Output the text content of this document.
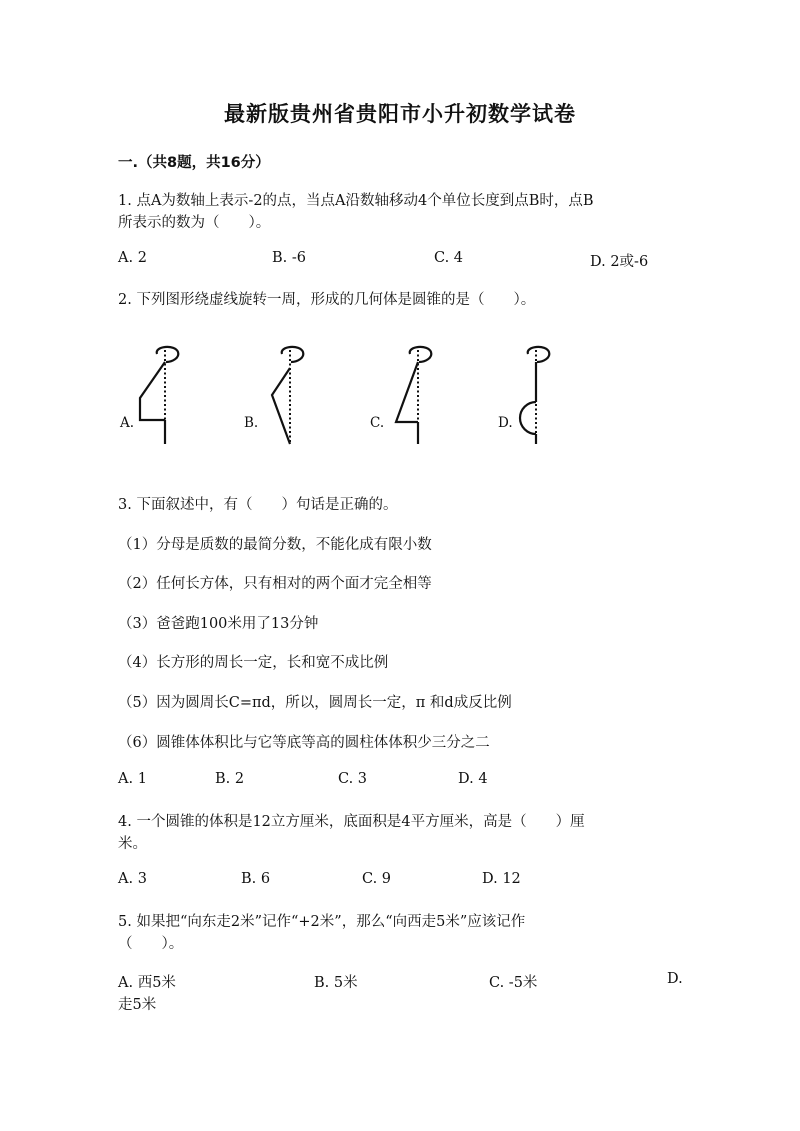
最新版贵州省贵阳市小升初数学试卷
一.（共8题，共16分）
1. 点A为数轴上表示-2的点，当点A沿数轴移动4个单位长度到点B时，点B
所表示的数为（　　）。
A. 2	B. -6	C. 4	D. 2或-6
2. 下列图形绕虚线旋转一周，形成的几何体是圆锥的是（　　）。
A.	B.	C.	D.
3. 下面叙述中，有（　　）句话是正确的。
（1）分母是质数的最简分数，不能化成有限小数
（2）任何长方体，只有相对的两个面才完全相等
（3）爸爸跑100米用了13分钟
（4）长方形的周长一定，长和宽不成比例
（5）因为圆周长C=πd，所以，圆周长一定，π 和d成反比例
（6）圆锥体体积比与它等底等高的圆柱体体积少三分之二
A. 1	B. 2	C. 3	D. 4
4. 一个圆锥的体积是12立方厘米，底面积是4平方厘米，高是（　　）厘
米。
A. 3	B. 6	C. 9	D. 12
5. 如果把“向东走2米”记作“+2米”，那么“向西走5米”应该记作
（　　）。
A. 西5米	B. 5米	C. -5米	D.
走5米
